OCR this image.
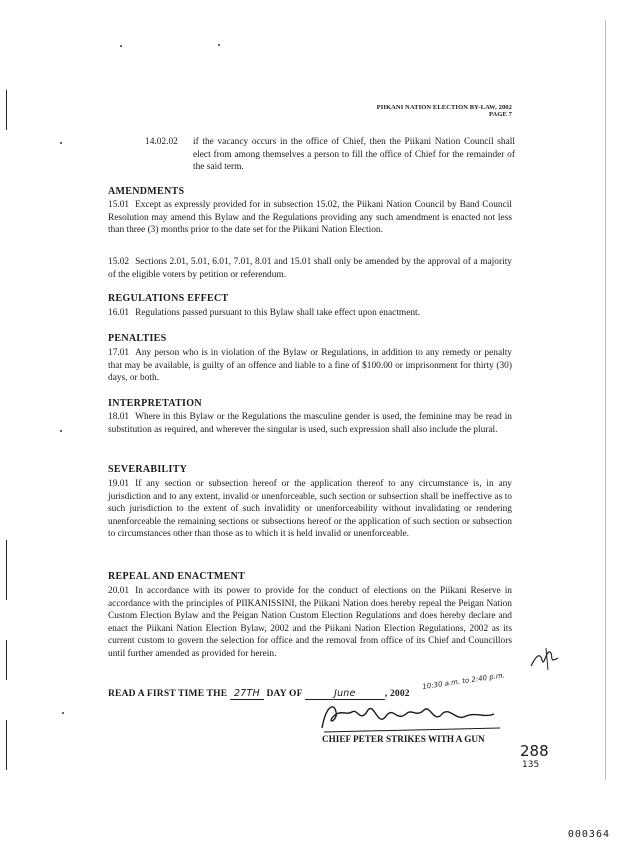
PIIKANI NATION ELECTION BY-LAW, 2002
PAGE 7
14.02.02 if the vacancy occurs in the office of Chief, then the Piikani Nation Council shall elect from among themselves a person to fill the office of Chief for the remainder of the said term.
AMENDMENTS
15.01 Except as expressly provided for in subsection 15.02, the Piikani Nation Council by Band Council Resolution may amend this Bylaw and the Regulations providing any such amendment is enacted not less than three (3) months prior to the date set for the Piikani Nation Election.
15.02 Sections 2.01, 5.01, 6.01, 7.01, 8.01 and 15.01 shall only be amended by the approval of a majority of the eligible voters by petition or referendum.
REGULATIONS EFFECT
16.01 Regulations passed pursuant to this Bylaw shall take effect upon enactment.
PENALTIES
17.01 Any person who is in violation of the Bylaw or Regulations, in addition to any remedy or penalty that may be available, is guilty of an offence and liable to a fine of $100.00 or imprisonment for thirty (30) days, or both.
INTERPRETATION
18.01 Where in this Bylaw or the Regulations the masculine gender is used, the feminine may be read in substitution as required, and wherever the singular is used, such expression shall also include the plural.
SEVERABILITY
19.01 If any section or subsection hereof or the application thereof to any circumstance is, in any jurisdiction and to any extent, invalid or unenforceable, such section or subsection shall be ineffective as to such jurisdiction to the extent of such invalidity or unenforceability without invalidating or rendering unenforceable the remaining sections or subsections hereof or the application of such section or subsection to circumstances other than those as to which it is held invalid or unenforceable.
REPEAL AND ENACTMENT
20.01 In accordance with its power to provide for the conduct of elections on the Piikani Reserve in accordance with the principles of PIIKANISSINI, the Piikani Nation does hereby repeal the Peigan Nation Custom Election Bylaw and the Peigan Nation Custom Election Regulations and does hereby declare and enact the Piikani Nation Election Bylaw, 2002 and the Piikani Nation Election Regulations, 2002 as its current custom to govern the selection for office and the removal from office of its Chief and Councillors until further amended as provided for herein.
10:30 a.m. to 2:40 p.m.
READ A FIRST TIME THE 27TH DAY OF	June	, 2002
CHIEF PETER STRIKES WITH A GUN
288
135
000364
